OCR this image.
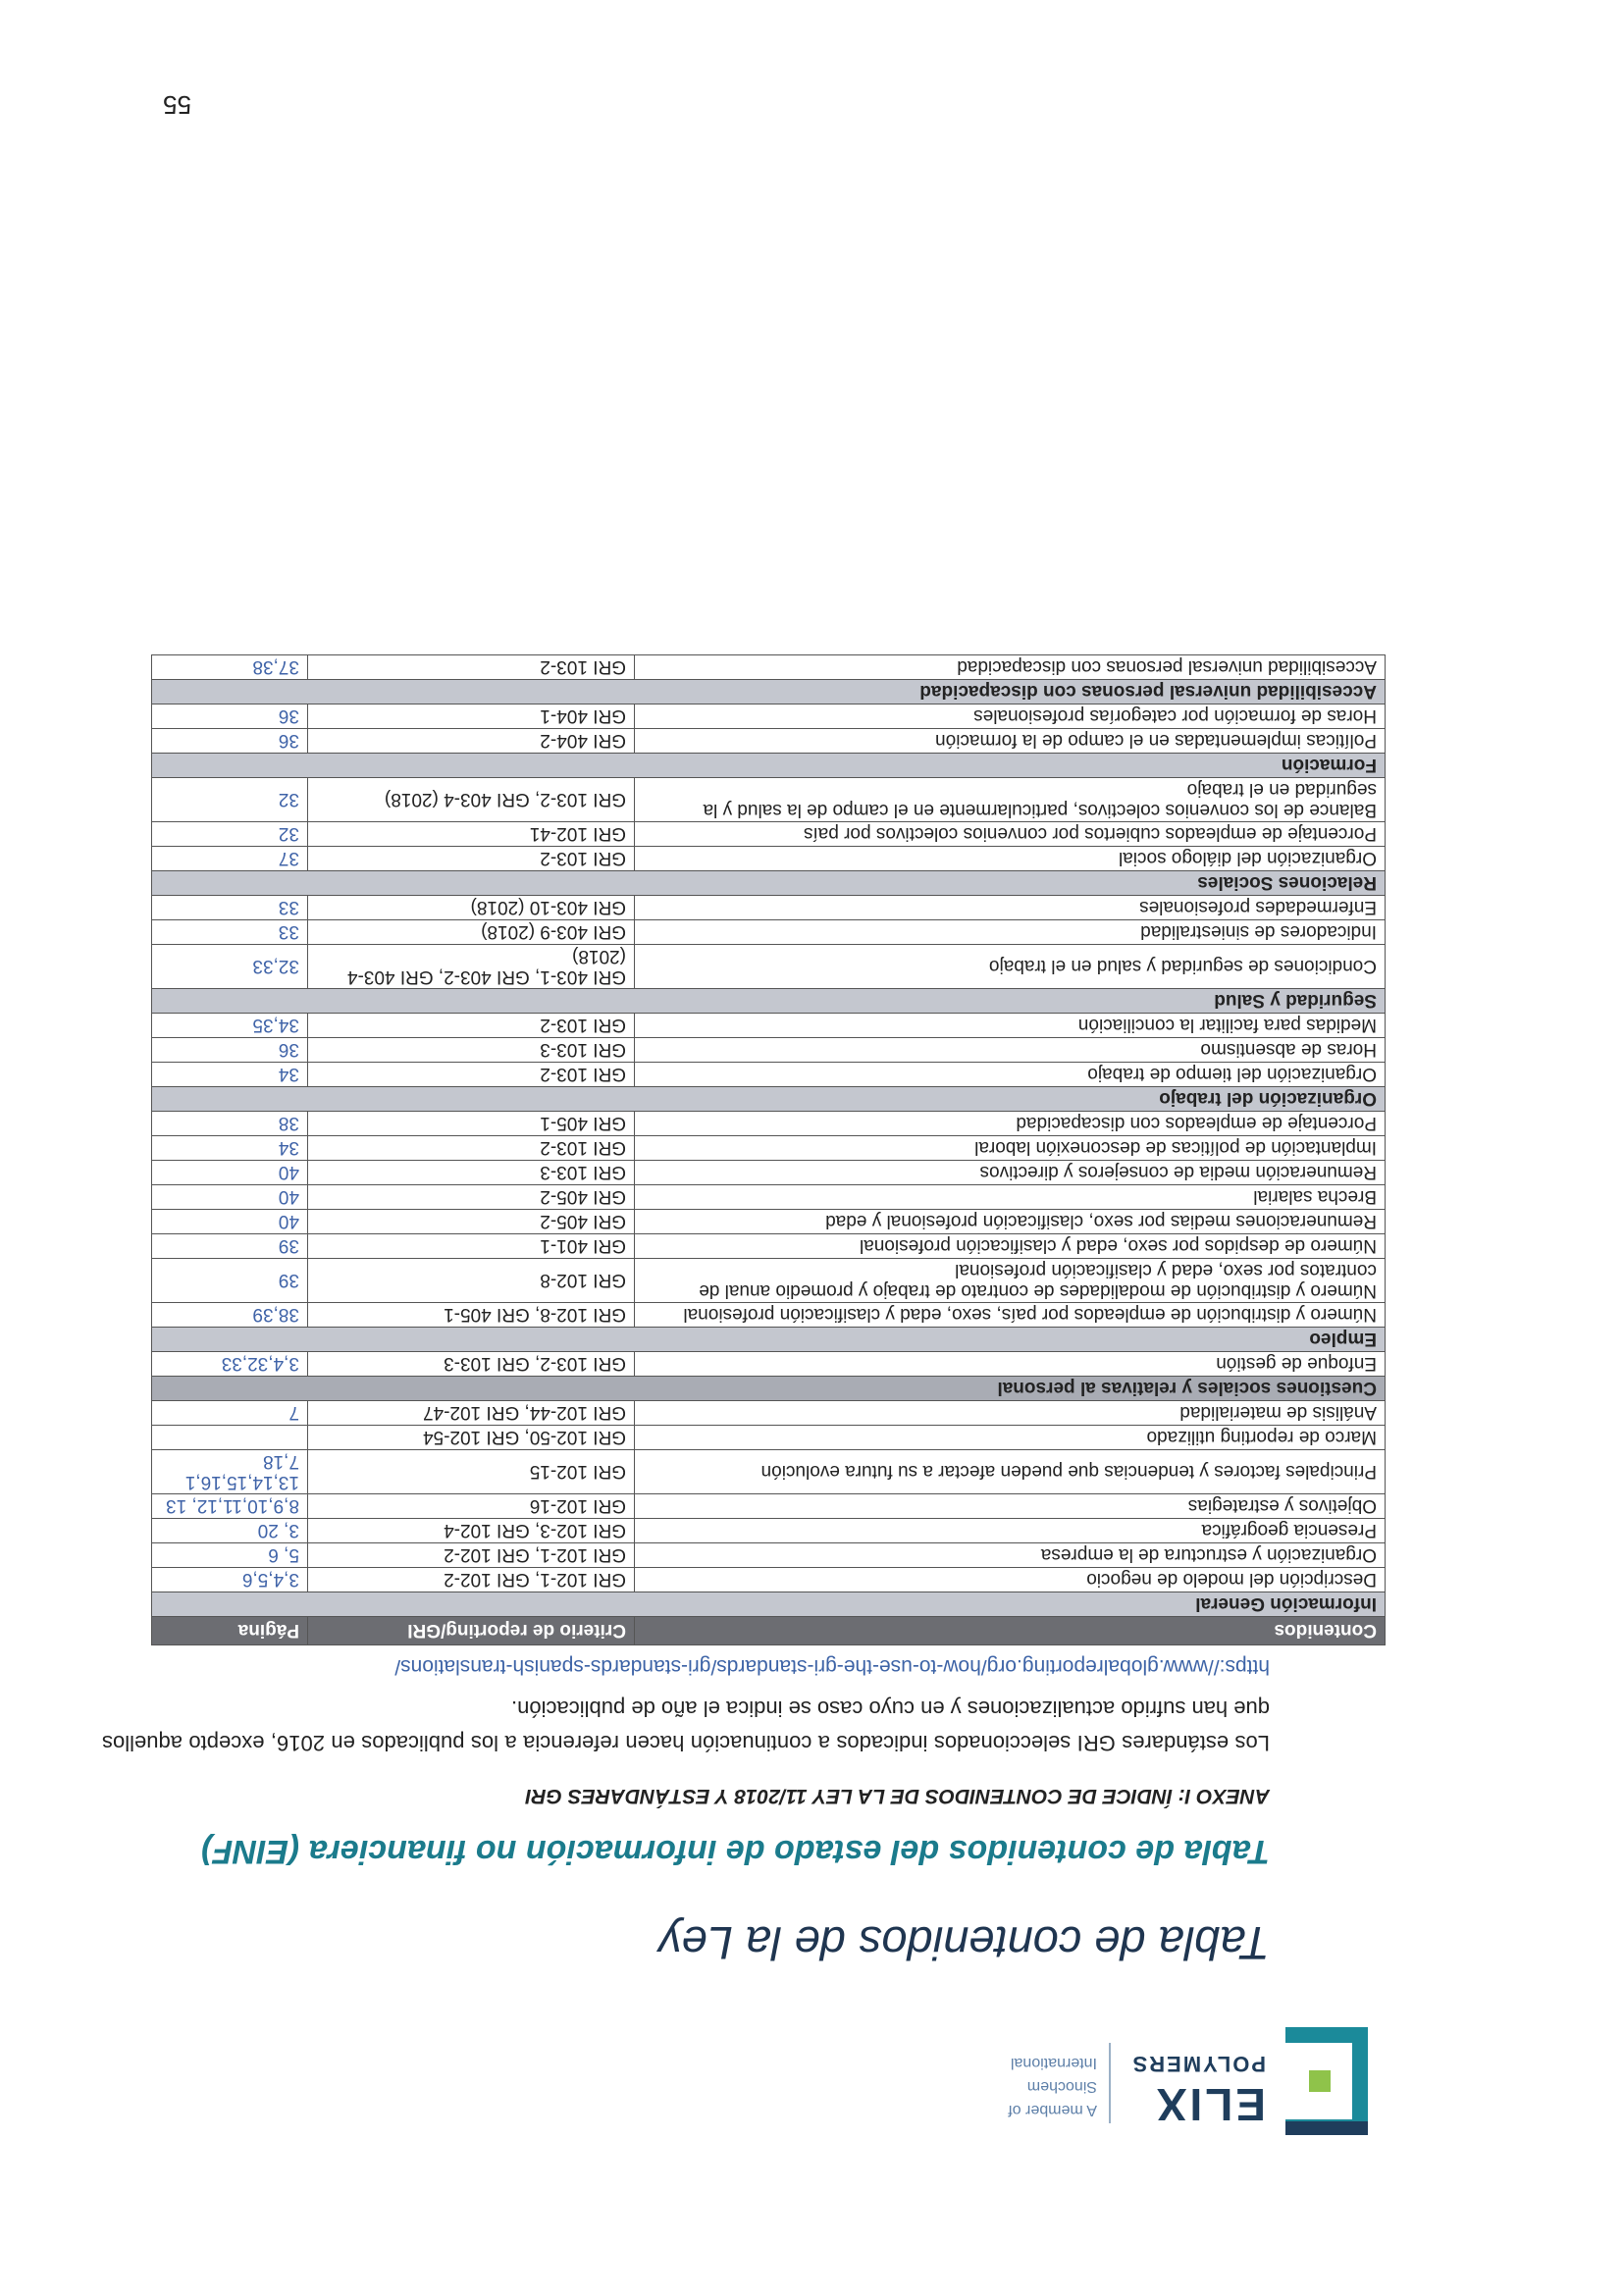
ELIX
POLYMERS
A member of
Sinochem
International
Tabla de contenidos de la Ley
Tabla de contenidos del estado de información no financiera (EINF)
ANEXO I: ÍNDICE DE CONTENIDOS DE LA LEY 11/2018 Y ESTÁNDARES GRI
Los estándares GRI seleccionados indicados a continuación hacen referencia a los publicados en 2016, excepto aquellos que han sufrido actualizaciones y en cuyo caso se indica el año de publicación.
https://www.globalreporting.org/how-to-use-the-gri-standards/gri-standards-spanish-translations/
Contenidos	Criterio de reporting/GRI	Página
Información General		
Descripción del modelo de negocio	GRI 102-1, GRI 102-2	3,4,5,6
Organización y estructura de la empresa	GRI 102-1, GRI 102-2	5, 6
Presencia geográfica	GRI 102-3, GRI 102-4	3, 20
Objetivos y estrategias	GRI 102-16	8,9,10,11,12, 13
Principales factores y tendencias que pueden afectar a su futura evolución	GRI 102-15	13,14,15,16,1 7,18
Marco de reporting utilizado	GRI 102-50, GRI 102-54	
Análisis de materialidad	GRI 102-44, GRI 102-47	7
Cuestiones sociales y relativas al personal		
Enfoque de gestión	GRI 103-2, GRI 103-3	3,4,32,33
Empleo		
Número y distribución de empleados por país, sexo, edad y clasificación profesional	GRI 102-8, GRI 405-1	38,39
Número y distribución de modalidades de contrato de trabajo y promedio anual de contratos por sexo, edad y clasificación profesional	GRI 102-8	39
Número de despidos por sexo, edad y clasificación profesional	GRI 401-1	39
Remuneraciones medias por sexo, clasificación profesional y edad	GRI 405-2	40
Brecha salarial	GRI 405-2	40
Remuneración media de consejeros y directivos	GRI 103-3	40
Implantación de políticas de desconexión laboral	GRI 103-2	34
Porcentaje de empleados con discapacidad	GRI 405-1	38
Organización del trabajo		
Organización del tiempo de trabajo	GRI 103-2	34
Horas de absentismo	GRI 103-3	36
Medidas para facilitar la conciliación	GRI 103-2	34,35
Seguridad y Salud		
Condiciones de seguridad y salud en el trabajo	GRI 403-1, GRI 403-2, GRI 403-4 (2018)	32,33
Indicadores de siniestralidad	GRI 403-9 (2018)	33
Enfermedades profesionales	GRI 403-10 (2018)	33
Relaciones Sociales		
Organización del diálogo social	GRI 103-2	37
Porcentaje de empleados cubiertos por convenios colectivos por país	GRI 102-41	32
Balance de los convenios colectivos, particularmente en el campo de la salud y la seguridad en el trabajo	GRI 103-2, GRI 403-4 (2018)	32
Formación		
Políticas implementadas en el campo de la formación	GRI 404-2	36
Horas de formación por categorías profesionales	GRI 404-1	36
Accesibilidad universal personas con discapacidad		
Accesibilidad universal personas con discapacidad	GRI 103-2	37,38
55
